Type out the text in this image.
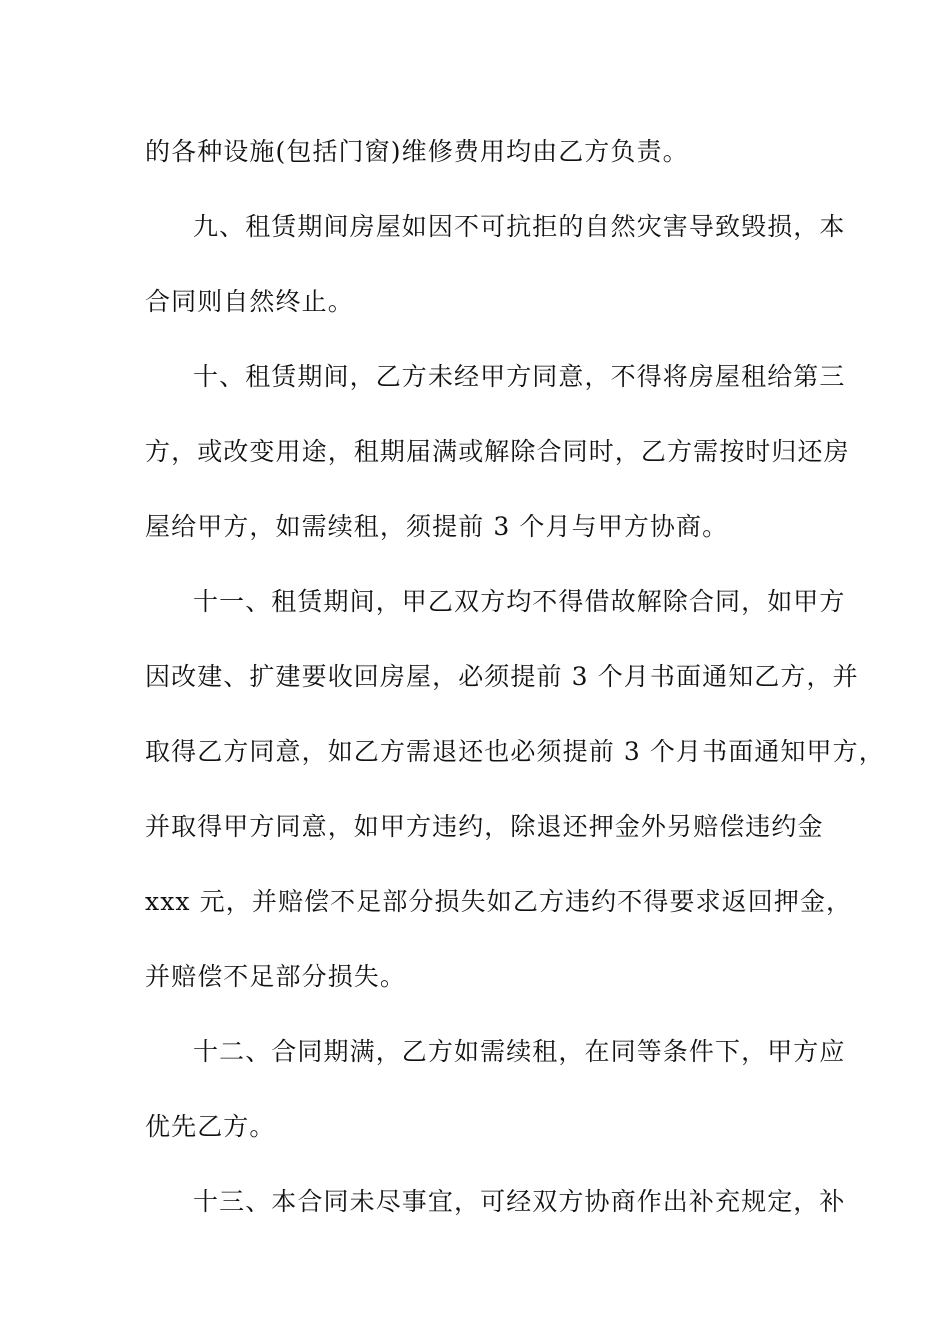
的各种设施(包括门窗)维修费用均由乙方负责。
九、租赁期间房屋如因不可抗拒的自然灾害导致毁损，本
合同则自然终止。
十、租赁期间，乙方未经甲方同意，不得将房屋租给第三
方，或改变用途，租期届满或解除合同时，乙方需按时归还房
屋给甲方，如需续租，须提前 3 个月与甲方协商。
十一、租赁期间，甲乙双方均不得借故解除合同，如甲方
因改建、扩建要收回房屋，必须提前 3 个月书面通知乙方，并
取得乙方同意，如乙方需退还也必须提前 3 个月书面通知甲方，
并取得甲方同意，如甲方违约，除退还押金外另赔偿违约金
xxx 元，并赔偿不足部分损失如乙方违约不得要求返回押金，
并赔偿不足部分损失。
十二、合同期满，乙方如需续租，在同等条件下，甲方应
优先乙方。
十三、本合同未尽事宜，可经双方协商作出补充规定，补
